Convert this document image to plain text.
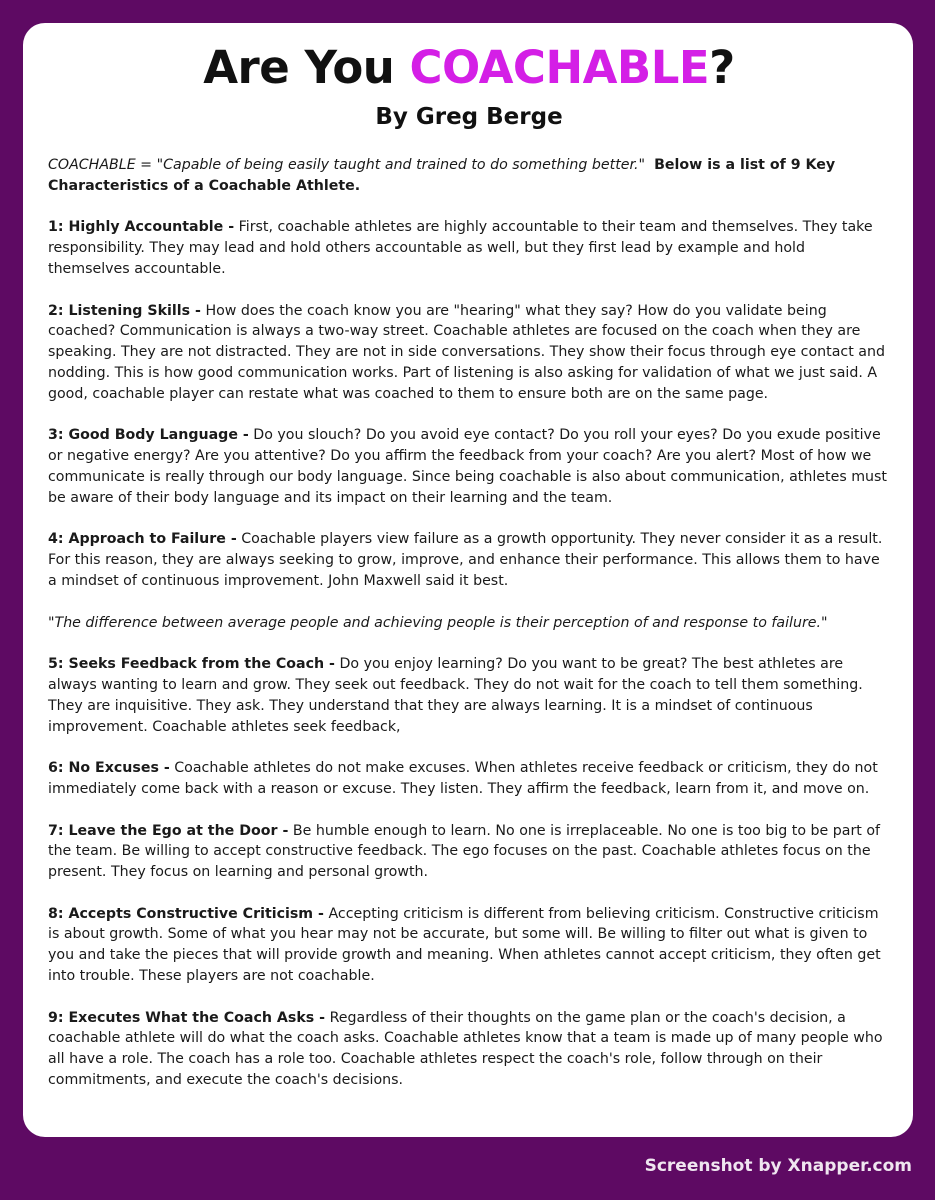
Are You COACHABLE?
By Greg Berge

COACHABLE = "Capable of being easily taught and trained to do something better." Below is a list of 9 Key Characteristics of a Coachable Athlete.

1: Highly Accountable - First, coachable athletes are highly accountable to their team and themselves. They take responsibility. They may lead and hold others accountable as well, but they first lead by example and hold themselves accountable.

2: Listening Skills - How does the coach know you are "hearing" what they say? How do you validate being coached? Communication is always a two-way street. Coachable athletes are focused on the coach when they are speaking. They are not distracted. They are not in side conversations. They show their focus through eye contact and nodding. This is how good communication works. Part of listening is also asking for validation of what we just said. A good, coachable player can restate what was coached to them to ensure both are on the same page.

3: Good Body Language - Do you slouch? Do you avoid eye contact? Do you roll your eyes? Do you exude positive or negative energy? Are you attentive? Do you affirm the feedback from your coach? Are you alert? Most of how we communicate is really through our body language. Since being coachable is also about communication, athletes must be aware of their body language and its impact on their learning and the team.

4: Approach to Failure - Coachable players view failure as a growth opportunity. They never consider it as a result. For this reason, they are always seeking to grow, improve, and enhance their performance. This allows them to have a mindset of continuous improvement. John Maxwell said it best.

"The difference between average people and achieving people is their perception of and response to failure."

5: Seeks Feedback from the Coach - Do you enjoy learning? Do you want to be great? The best athletes are always wanting to learn and grow. They seek out feedback. They do not wait for the coach to tell them something. They are inquisitive. They ask. They understand that they are always learning. It is a mindset of continuous improvement. Coachable athletes seek feedback,

6: No Excuses - Coachable athletes do not make excuses. When athletes receive feedback or criticism, they do not immediately come back with a reason or excuse. They listen. They affirm the feedback, learn from it, and move on.

7: Leave the Ego at the Door - Be humble enough to learn. No one is irreplaceable. No one is too big to be part of the team. Be willing to accept constructive feedback. The ego focuses on the past. Coachable athletes focus on the present. They focus on learning and personal growth.

8: Accepts Constructive Criticism - Accepting criticism is different from believing criticism. Constructive criticism is about growth. Some of what you hear may not be accurate, but some will. Be willing to filter out what is given to you and take the pieces that will provide growth and meaning. When athletes cannot accept criticism, they often get into trouble. These players are not coachable.

9: Executes What the Coach Asks - Regardless of their thoughts on the game plan or the coach's decision, a coachable athlete will do what the coach asks. Coachable athletes know that a team is made up of many people who all have a role. The coach has a role too. Coachable athletes respect the coach's role, follow through on their commitments, and execute the coach's decisions.

Screenshot by Xnapper.com
